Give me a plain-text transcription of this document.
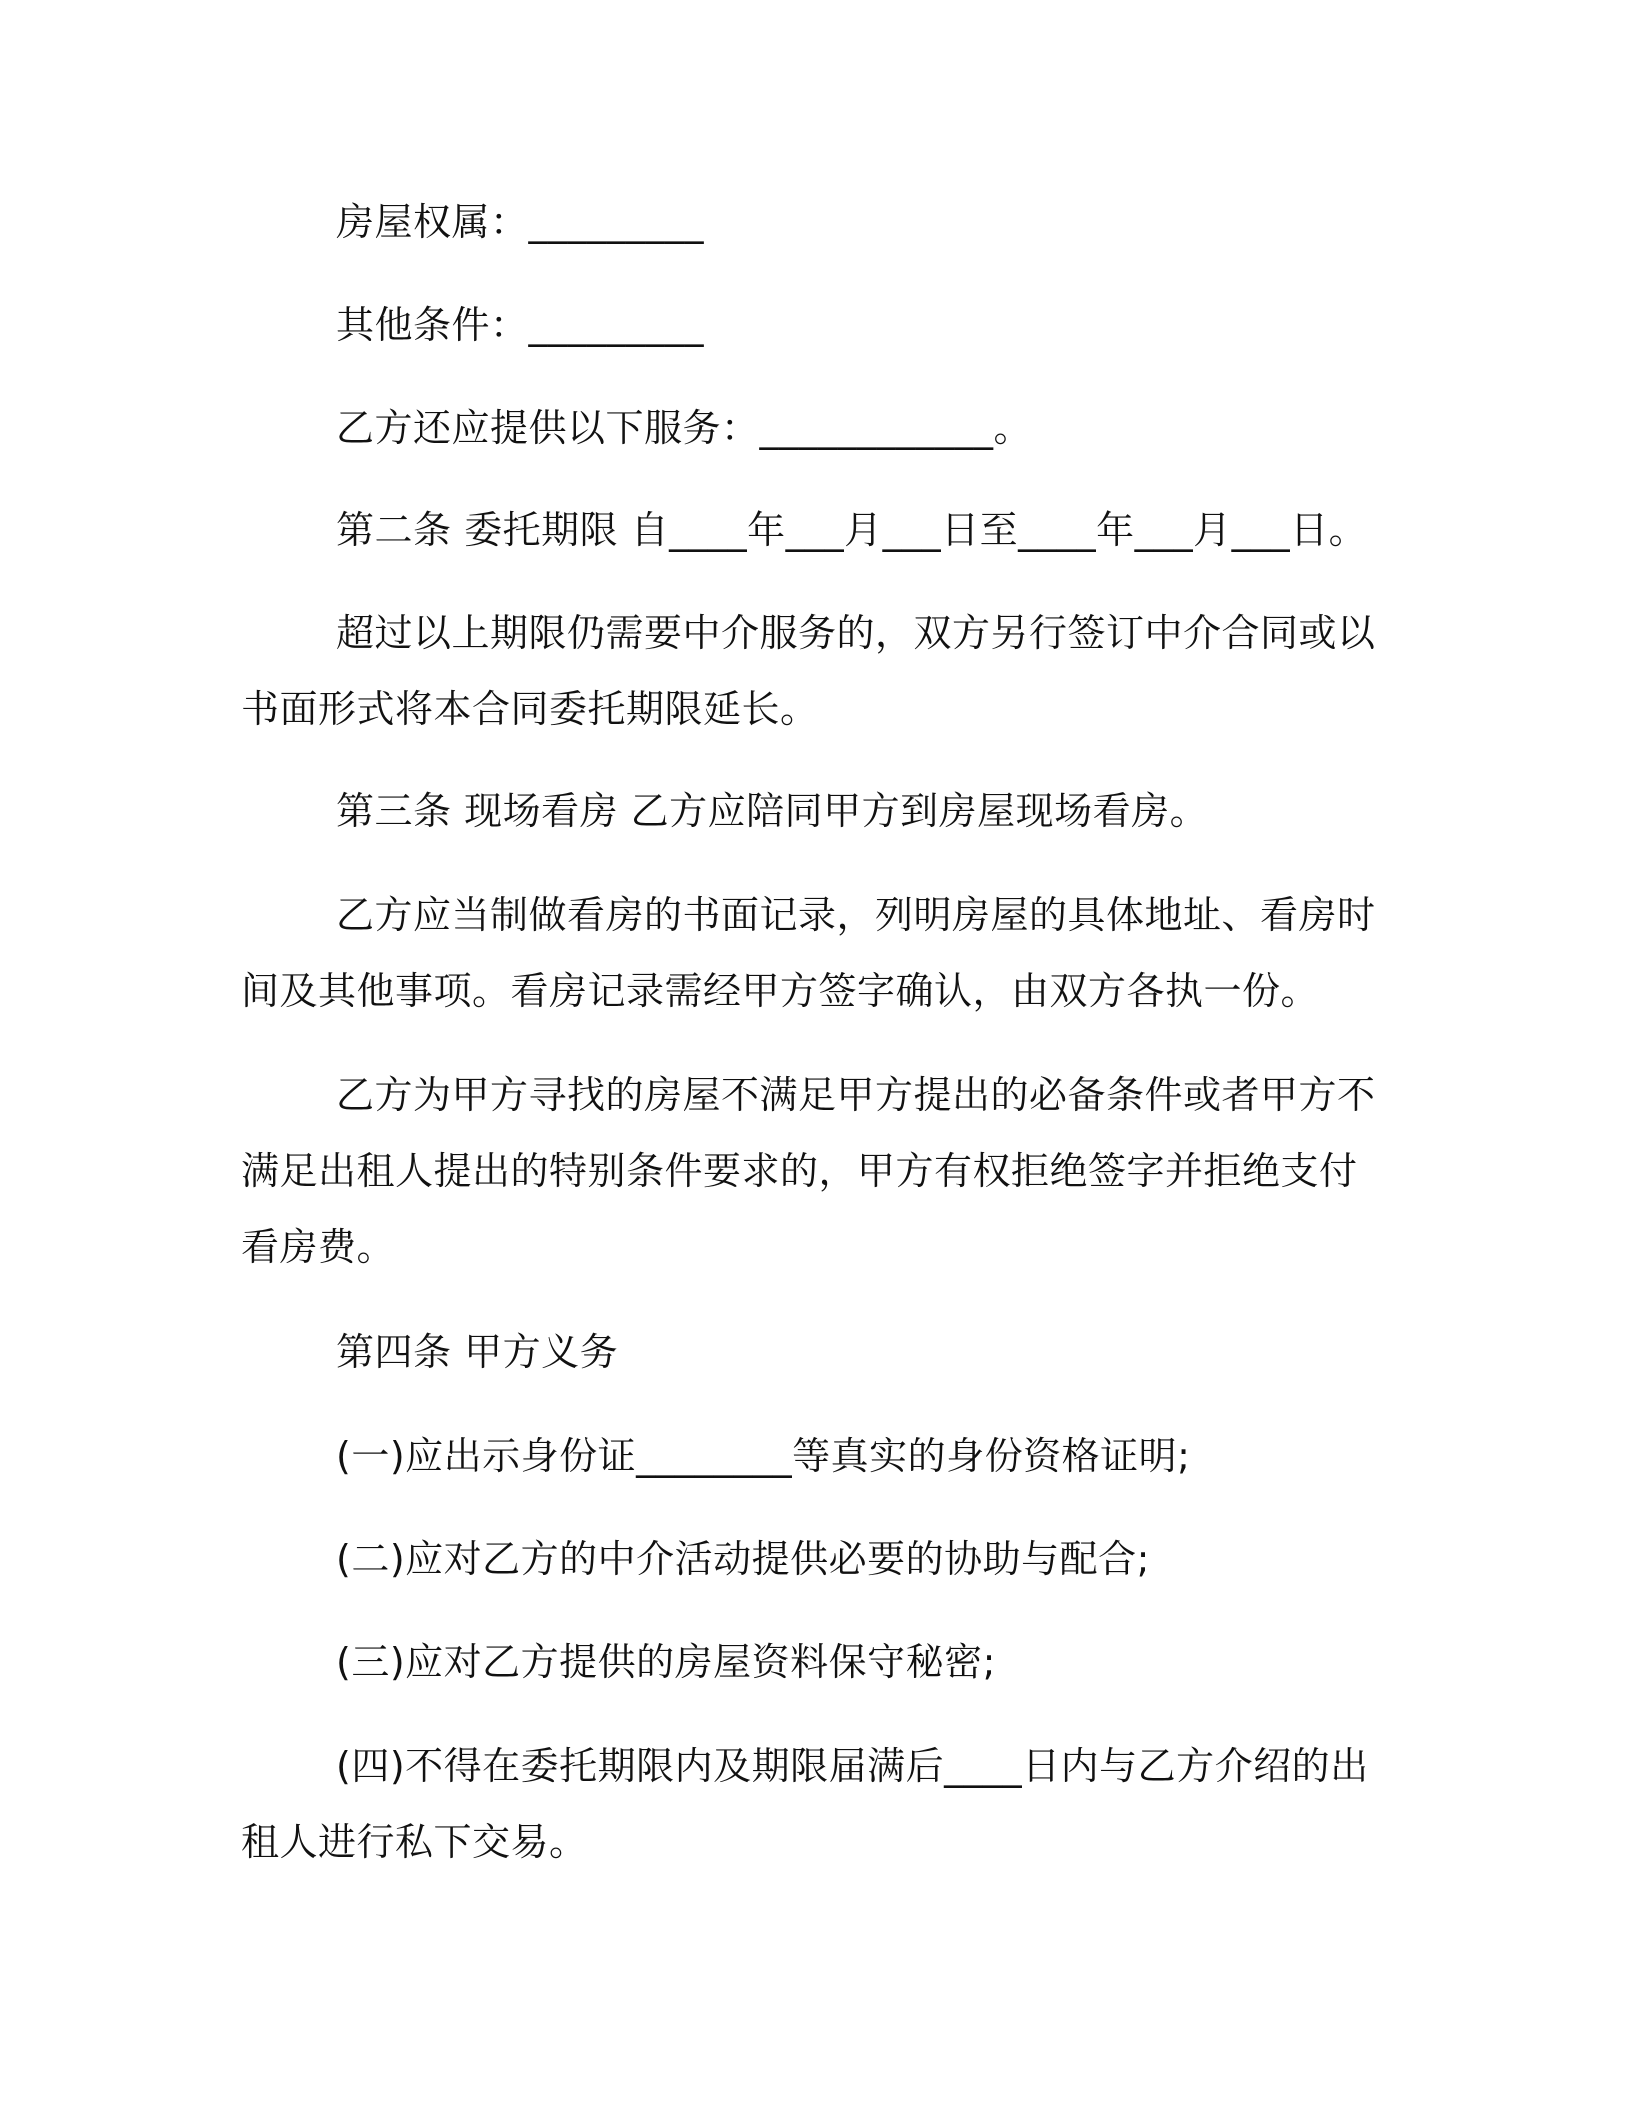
房屋权属：_________

其他条件：_________

乙方还应提供以下服务：____________。

第二条 委托期限 自____年___月___日至____年___月___日。

超过以上期限仍需要中介服务的，双方另行签订中介合同或以书面形式将本合同委托期限延长。

第三条 现场看房 乙方应陪同甲方到房屋现场看房。

乙方应当制做看房的书面记录，列明房屋的具体地址、看房时间及其他事项。看房记录需经甲方签字确认，由双方各执一份。

乙方为甲方寻找的房屋不满足甲方提出的必备条件或者甲方不满足出租人提出的特别条件要求的，甲方有权拒绝签字并拒绝支付看房费。

第四条 甲方义务

(一)应出示身份证________等真实的身份资格证明;

(二)应对乙方的中介活动提供必要的协助与配合;

(三)应对乙方提供的房屋资料保守秘密;

(四)不得在委托期限内及期限届满后____日内与乙方介绍的出租人进行私下交易。
